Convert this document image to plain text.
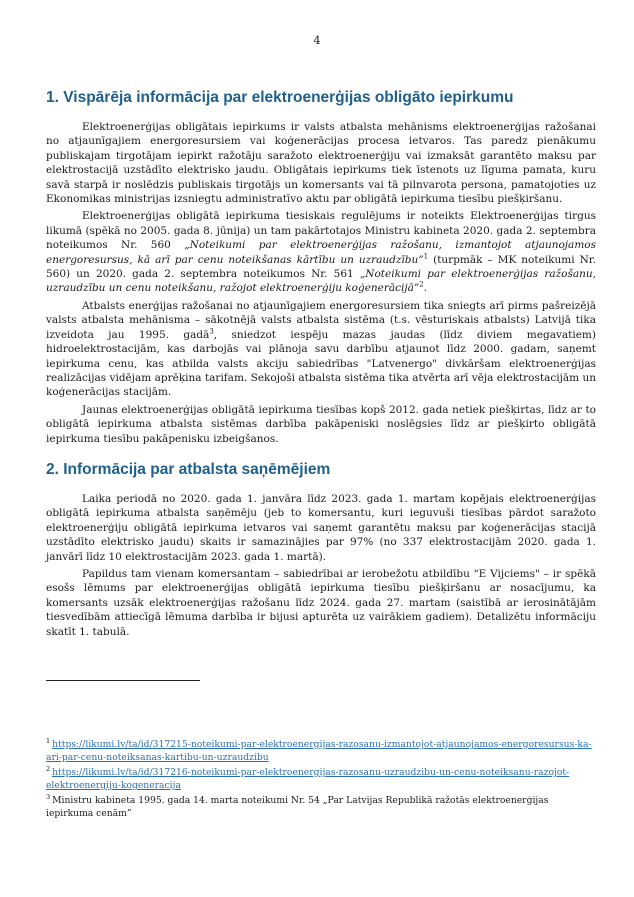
4
1. Vispārēja informācija par elektroenerģijas obligāto iepirkumu

Elektroenerģijas obligātais iepirkums ir valsts atbalsta mehānisms elektroenerģijas ražošanai no atjaunīgajiem energoresursiem vai koģenerācijas procesa ietvaros. Tas paredz pienākumu publiskajam tirgotājam iepirkt ražotāju saražoto elektroenerģiju vai izmaksāt garantēto maksu par elektrostacijā uzstādīto elektrisko jaudu. Obligātais iepirkums tiek īstenots uz līguma pamata, kuru savā starpā ir noslēdzis publiskais tirgotājs un komersants vai tā pilnvarota persona, pamatojoties uz Ekonomikas ministrijas izsniegtu administratīvo aktu par obligātā iepirkuma tiesību piešķiršanu.

Elektroenerģijas obligātā iepirkuma tiesiskais regulējums ir noteikts Elektroenerģijas tirgus likumā (spēkā no 2005. gada 8. jūnija) un tam pakārtotajos Ministru kabineta 2020. gada 2. septembra noteikumos Nr. 560 „Noteikumi par elektroenerģijas ražošanu, izmantojot atjaunojamos energoresursus, kā arī par cenu noteikšanas kārtību un uzraudzību”$^1$ (turpmāk – MK noteikumi Nr. 560) un 2020. gada 2. septembra noteikumos Nr. 561 „Noteikumi par elektroenerģijas ražošanu, uzraudzību un cenu noteikšanu, ražojot elektroenerģiju koģenerācijā”$^2$.

Atbalsts enerģijas ražošanai no atjaunīgajiem energoresursiem tika sniegts arī pirms pašreizējā valsts atbalsta mehānisma – sākotnējā valsts atbalsta sistēma (t.s. vēsturiskais atbalsts) Latvijā tika izveidota jau 1995. gadā$^3$, sniedzot iespēju mazas jaudas (līdz diviem megavatiem) hidroelektrostacijām, kas darbojās vai plānoja savu darbību atjaunot līdz 2000. gadam, saņemt iepirkuma cenu, kas atbilda valsts akciju sabiedrības "Latvenergo" divkāršam elektroenerģijas realizācijas vidējam aprēķina tarifam. Sekojoši atbalsta sistēma tika atvērta arī vēja elektrostacijām un koģenerācijas stacijām.

Jaunas elektroenerģijas obligātā iepirkuma tiesības kopš 2012. gada netiek piešķirtas, līdz ar to obligātā iepirkuma atbalsta sistēmas darbība pakāpeniski noslēgsies līdz ar piešķirto obligātā iepirkuma tiesību pakāpenisku izbeigšanos.

2. Informācija par atbalsta saņēmējiem

Laika periodā no 2020. gada 1. janvāra līdz 2023. gada 1. martam kopējais elektroenerģijas obligātā iepirkuma atbalsta saņēmēju (jeb to komersantu, kuri ieguvuši tiesības pārdot saražoto elektroenerģiju obligātā iepirkuma ietvaros vai saņemt garantētu maksu par koģenerācijas stacijā uzstādīto elektrisko jaudu) skaits ir samazinājies par 97% (no 337 elektrostacijām 2020. gada 1. janvārī līdz 10 elektrostacijām 2023. gada 1. martā).

Papildus tam vienam komersantam – sabiedrībai ar ierobežotu atbildību "E Vijciems" – ir spēkā esošs lēmums par elektroenerģijas obligātā iepirkuma tiesību piešķiršanu ar nosacījumu, ka komersants uzsāk elektroenerģijas ražošanu līdz 2024. gada 27. martam (saistībā ar ierosinātājām tiesvedībām attiecīgā lēmuma darbība ir bijusi apturēta uz vairākiem gadiem). Detalizētu informāciju skatīt 1. tabulā.

$^1$ https://likumi.lv/ta/id/317215-noteikumi-par-elektroenergijas-razosanu-izmantojot-atjaunojamos-energoresursus-ka-ari-par-cenu-noteiksanas-kartibu-un-uzraudzibu
$^2$ https://likumi.lv/ta/id/317216-noteikumi-par-elektroenergijas-razosanu-uzraudzibu-un-cenu-noteiksanu-razojot-elektroenergiju-kogeneracija
$^3$ Ministru kabineta 1995. gada 14. marta noteikumi Nr. 54 „Par Latvijas Republikā ražotās elektroenerģijas iepirkuma cenām”
